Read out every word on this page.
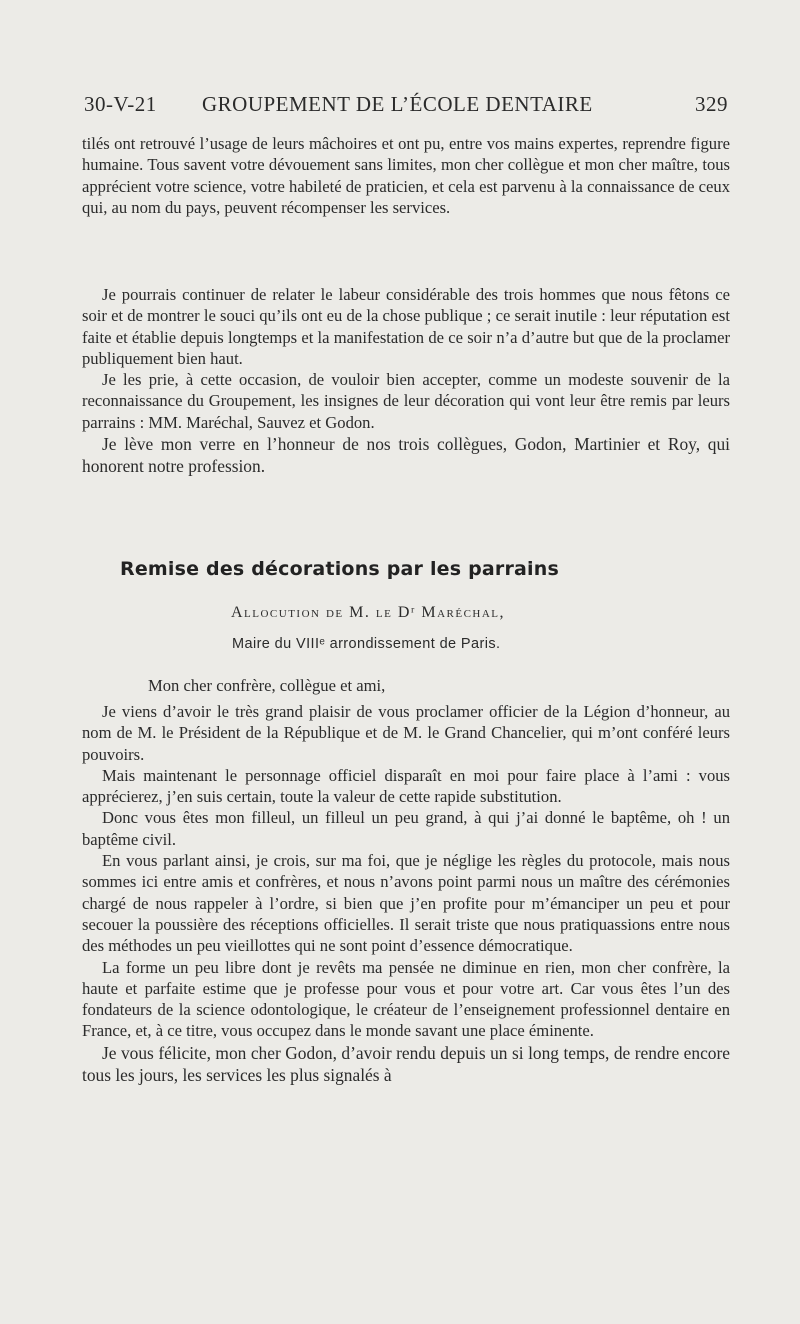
30-V-21 GROUPEMENT DE L’ÉCOLE DENTAIRE	329

tilés ont retrouvé l’usage de leurs mâchoires et ont pu, entre vos mains expertes, reprendre figure humaine. Tous savent votre dévouement sans limites, mon cher collègue et mon cher maître, tous apprécient votre science, votre habileté de praticien, et cela est parvenu à la connaissance de ceux qui, au nom du pays, peuvent récompenser les services.

Je pourrais continuer de relater le labeur considérable des trois hommes que nous fêtons ce soir et de montrer le souci qu’ils ont eu de la chose publique ; ce serait inutile : leur réputation est faite et établie depuis longtemps et la manifestation de ce soir n’a d’autre but que de la proclamer publiquement bien haut.

Je les prie, à cette occasion, de vouloir bien accepter, comme un modeste souvenir de la reconnaissance du Groupement, les insignes de leur décoration qui vont leur être remis par leurs parrains : MM. Maréchal, Sauvez et Godon.

Je lève mon verre en l’honneur de nos trois collègues, Godon, Martinier et Roy, qui honorent notre profession.

Je viens d’avoir le très grand plaisir de vous proclamer officier de la Légion d’honneur, au nom de M. le Président de la République et de M. le Grand Chancelier, qui m’ont conféré leurs pouvoirs.

Mais maintenant le personnage officiel disparaît en moi pour faire place à l’ami : vous apprécierez, j’en suis certain, toute la valeur de cette rapide substitution.

Donc vous êtes mon filleul, un filleul un peu grand, à qui j’ai donné le baptême, oh ! un baptême civil.

En vous parlant ainsi, je crois, sur ma foi, que je néglige les règles du protocole, mais nous sommes ici entre amis et confrères, et nous n’avons point parmi nous un maître des cérémonies chargé de nous rappeler à l’ordre, si bien que j’en profite pour m’émanciper un peu et pour secouer la poussière des réceptions officielles. Il serait triste que nous pratiquassions entre nous des méthodes un peu vieillottes qui ne sont point d’essence démocratique.

La forme un peu libre dont je revêts ma pensée ne diminue en rien, mon cher confrère, la haute et parfaite estime que je professe pour vous et pour votre art. Car vous êtes l’un des fondateurs de la science odontologique, le créateur de l’enseignement professionnel dentaire en France, et, à ce titre, vous occupez dans le monde savant une place éminente.

Je vous félicite, mon cher Godon, d’avoir rendu depuis un si long temps, de rendre encore tous les jours, les services les plus signalés à

Remise des décorations par les parrains
Allocution de M. le Dʳ Maréchal,
Maire du VIIIᵉ arrondissement de Paris.
Mon cher confrère, collègue et ami,
